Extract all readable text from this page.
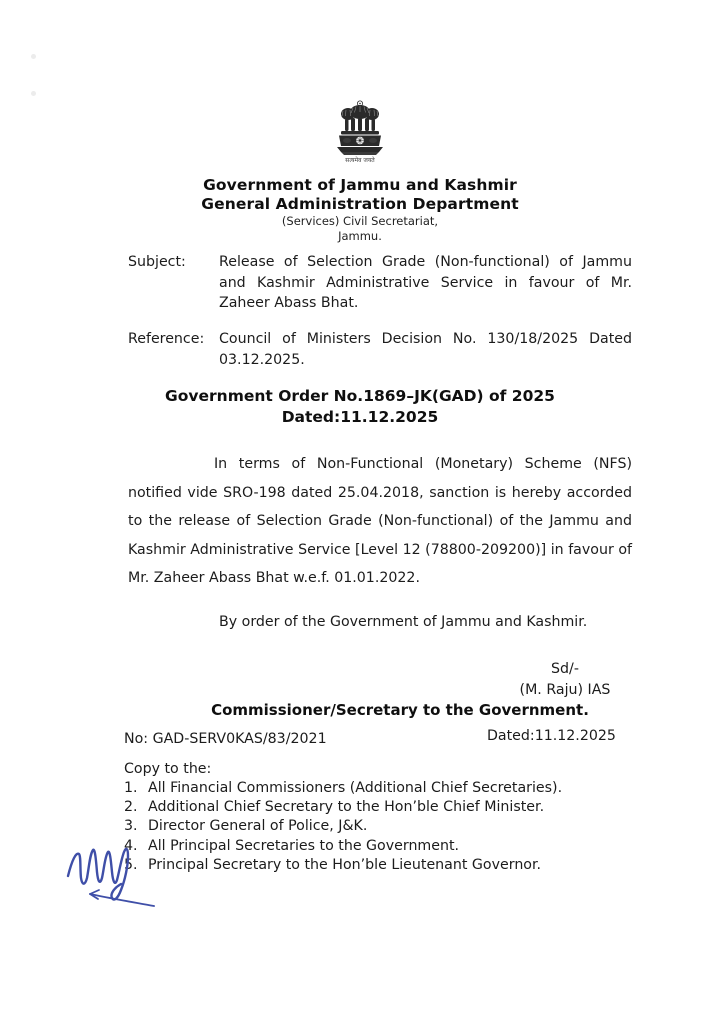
सत्यमेव जयते
Government of Jammu and Kashmir
General Administration Department
(Services) Civil Secretariat,
Jammu.
Subject:	Release of Selection Grade (Non-functional) of Jammu and Kashmir Administrative Service in favour of Mr. Zaheer Abass Bhat.
Reference:	Council of Ministers Decision No. 130/18/2025 Dated 03.12.2025.
Government Order No.1869–JK(GAD) of 2025
Dated:11.12.2025
In terms of Non-Functional (Monetary) Scheme (NFS) notified vide SRO-198 dated 25.04.2018, sanction is hereby accorded to the release of Selection Grade (Non-functional) of the Jammu and Kashmir Administrative Service [Level 12 (78800-209200)] in favour of Mr. Zaheer Abass Bhat w.e.f. 01.01.2022.
By order of the Government of Jammu and Kashmir.
Sd/-
(M. Raju) IAS
Commissioner/Secretary to the Government.
No: GAD-SERV0KAS/83/2021	Dated:11.12.2025
Copy to the:
1. All Financial Commissioners (Additional Chief Secretaries).
2. Additional Chief Secretary to the Hon’ble Chief Minister.
3. Director General of Police, J&K.
4. All Principal Secretaries to the Government.
5. Principal Secretary to the Hon’ble Lieutenant Governor.
